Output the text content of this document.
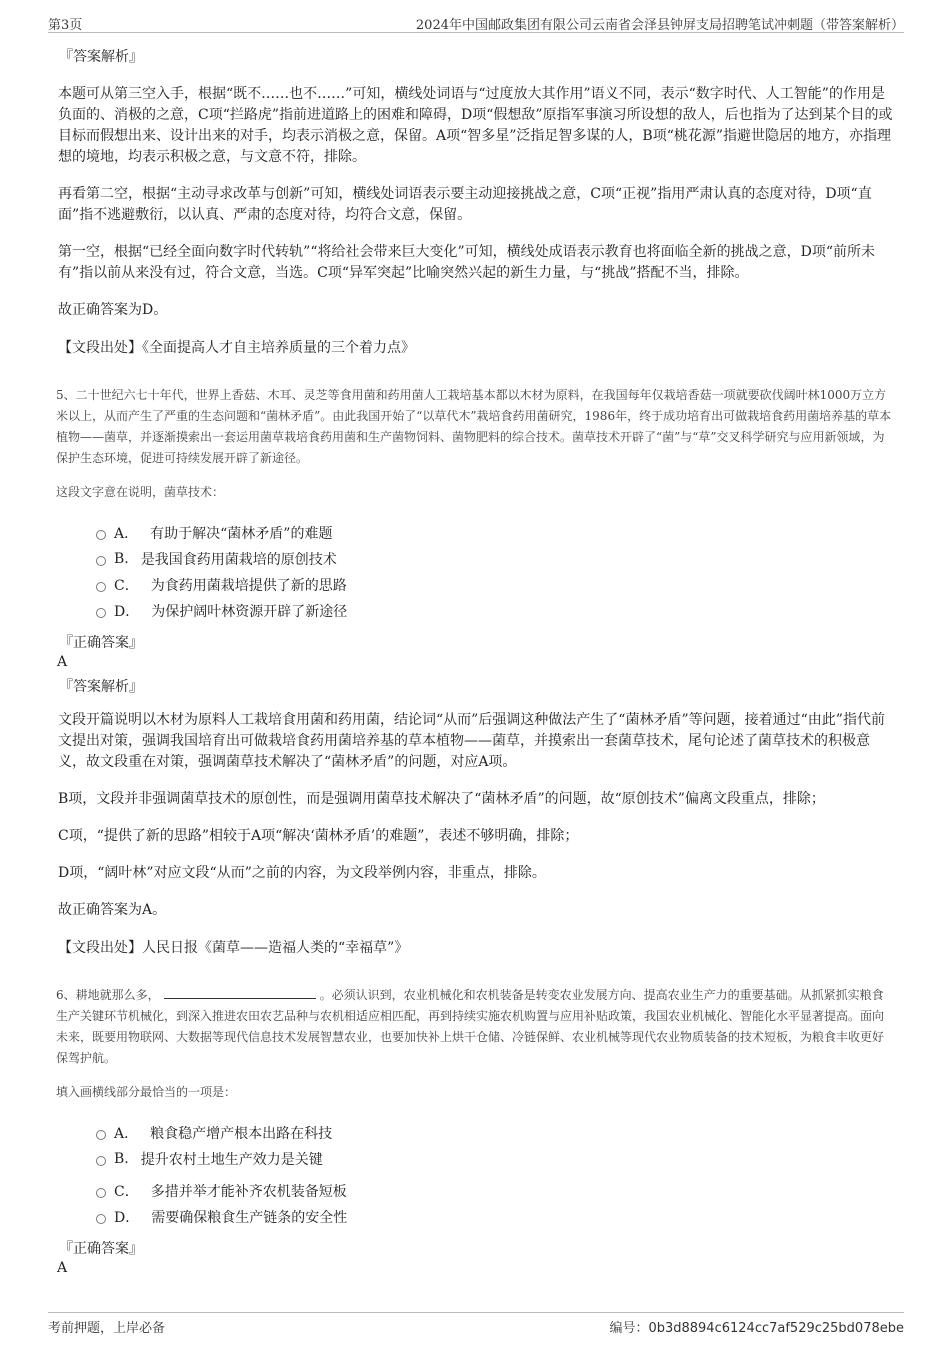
第3页	2024年中国邮政集团有限公司云南省会泽县钟屏支局招聘笔试冲刺题（带答案解析）
『答案解析』

本题可从第三空入手，根据“既不……也不……”可知，横线处词语与“过度放大其作用”语义不同，表示“数字时代、人工智能”的作用是负面的、消极的之意，C项“拦路虎”指前进道路上的困难和障碍，D项“假想敌”原指军事演习所设想的敌人，后也指为了达到某个目的或目标而假想出来、设计出来的对手，均表示消极之意，保留。A项“智多星”泛指足智多谋的人，B项“桃花源”指避世隐居的地方，亦指理想的境地，均表示积极之意，与文意不符，排除。

再看第二空，根据“主动寻求改革与创新”可知，横线处词语表示要主动迎接挑战之意，C项“正视”指用严肃认真的态度对待，D项“直面”指不逃避敷衍，以认真、严肃的态度对待，均符合文意，保留。

第一空，根据“已经全面向数字时代转轨”“将给社会带来巨大变化”可知，横线处成语表示教育也将面临全新的挑战之意，D项“前所未有”指以前从来没有过，符合文意，当选。C项“异军突起”比喻突然兴起的新生力量，与“挑战”搭配不当，排除。

故正确答案为D。

【文段出处】《全面提高人才自主培养质量的三个着力点》

5、二十世纪六七十年代，世界上香菇、木耳、灵芝等食用菌和药用菌人工栽培基本都以木材为原料，在我国每年仅栽培香菇一项就要砍伐阔叶林1000万立方米以上，从而产生了严重的生态问题和“菌林矛盾”。由此我国开始了“以草代木”栽培食药用菌研究，1986年，终于成功培育出可做栽培食药用菌培养基的草本植物——菌草，并逐渐摸索出一套运用菌草栽培食药用菌和生产菌物饲料、菌物肥料的综合技术。菌草技术开辟了“菌”与“草”交叉科学研究与应用新领域，为保护生态环境，促进可持续发展开辟了新途径。

这段文字意在说明，菌草技术：

A． 有助于解决“菌林矛盾”的难题
B. 是我国食药用菌栽培的原创技术
C． 为食药用菌栽培提供了新的思路
D． 为保护阔叶林资源开辟了新途径
『正确答案』
A
『答案解析』

文段开篇说明以木材为原料人工栽培食用菌和药用菌，结论词“从而”后强调这种做法产生了“菌林矛盾”等问题，接着通过“由此”指代前文提出对策，强调我国培育出可做栽培食药用菌培养基的草本植物——菌草，并摸索出一套菌草技术，尾句论述了菌草技术的积极意义，故文段重在对策，强调菌草技术解决了“菌林矛盾”的问题，对应A项。

B项，文段并非强调菌草技术的原创性，而是强调用菌草技术解决了“菌林矛盾”的问题，故“原创技术”偏离文段重点，排除；

C项，“提供了新的思路”相较于A项“解决‘菌林矛盾’的难题”，表述不够明确，排除；

D项，“阔叶林”对应文段“从而”之前的内容，为文段举例内容，非重点，排除。

故正确答案为A。

【文段出处】人民日报《菌草——造福人类的“幸福草”》

6、耕地就那么多，	。必须认识到，农业机械化和农机装备是转变农业发展方向、提高农业生产力的重要基础。从抓紧抓实粮食生产关键环节机械化，到深入推进农田农艺品种与农机相适应相匹配，再到持续实施农机购置与应用补贴政策，我国农业机械化、智能化水平显著提高。面向未来，既要用物联网、大数据等现代信息技术发展智慧农业，也要加快补上烘干仓储、冷链保鲜、农业机械等现代农业物质装备的技术短板，为粮食丰收更好保驾护航。

填入画横线部分最恰当的一项是：

A． 粮食稳产增产根本出路在科技
B. 提升农村土地生产效力是关键
C． 多措并举才能补齐农机装备短板
D． 需要确保粮食生产链条的安全性
『正确答案』
A
考前押题，上岸必备	编号：0b3d8894c6124cc7af529c25bd078ebe
